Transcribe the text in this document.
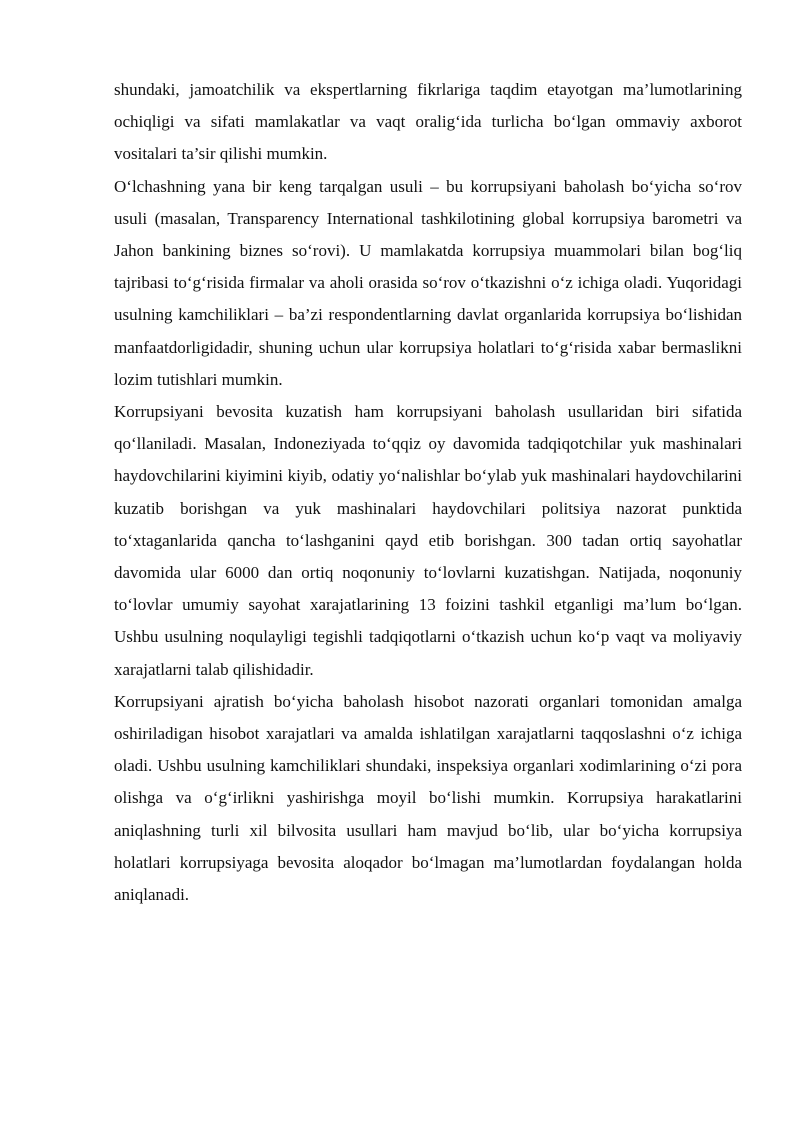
shundaki, jamoatchilik va ekspertlarning fikrlariga taqdim etayotgan ma’lumotlarining ochiqligi va sifati mamlakatlar va vaqt oralig‘ida turlicha bo‘lgan ommaviy axborot vositalari ta’sir qilishi mumkin.

O‘lchashning yana bir keng tarqalgan usuli – bu korrupsiyani baholash bo‘yicha so‘rov usuli (masalan, Transparency International tashkilotining global korrupsiya barometri va Jahon bankining biznes so‘rovi). U mamlakatda korrupsiya muammolari bilan bog‘liq tajribasi to‘g‘risida firmalar va aholi orasida so‘rov o‘tkazishni o‘z ichiga oladi. Yuqoridagi usulning kamchiliklari – ba’zi respondentlarning davlat organlarida korrupsiya bo‘lishidan manfaatdorligidadir, shuning uchun ular korrupsiya holatlari to‘g‘risida xabar bermaslikni lozim tutishlari mumkin.

Korrupsiyani bevosita kuzatish ham korrupsiyani baholash usullaridan biri sifatida qo‘llaniladi. Masalan, Indoneziyada to‘qqiz oy davomida tadqiqotchilar yuk mashinalari haydovchilarini kiyimini kiyib, odatiy yo‘nalishlar bo‘ylab yuk mashinalari haydovchilarini kuzatib borishgan va yuk mashinalari haydovchilari politsiya nazorat punktida to‘xtaganlarida qancha to‘lashganini qayd etib borishgan. 300 tadan ortiq sayohatlar davomida ular 6000 dan ortiq noqonuniy to‘lovlarni kuzatishgan. Natijada, noqonuniy to‘lovlar umumiy sayohat xarajatlarining 13 foizini tashkil etganligi ma’lum bo‘lgan. Ushbu usulning noqulayligi tegishli tadqiqotlarni o‘tkazish uchun ko‘p vaqt va moliyaviy xarajatlarni talab qilishidadir.

Korrupsiyani ajratish bo‘yicha baholash hisobot nazorati organlari tomonidan amalga oshiriladigan hisobot xarajatlari va amalda ishlatilgan xarajatlarni taqqoslashni o‘z ichiga oladi. Ushbu usulning kamchiliklari shundaki, inspeksiya organlari xodimlarining o‘zi pora olishga va o‘g‘irlikni yashirishga moyil bo‘lishi mumkin. Korrupsiya harakatlarini aniqlashning turli xil bilvosita usullari ham mavjud bo‘lib, ular bo‘yicha korrupsiya holatlari korrupsiyaga bevosita aloqador bo‘lmagan ma’lumotlardan foydalangan holda aniqlanadi.
